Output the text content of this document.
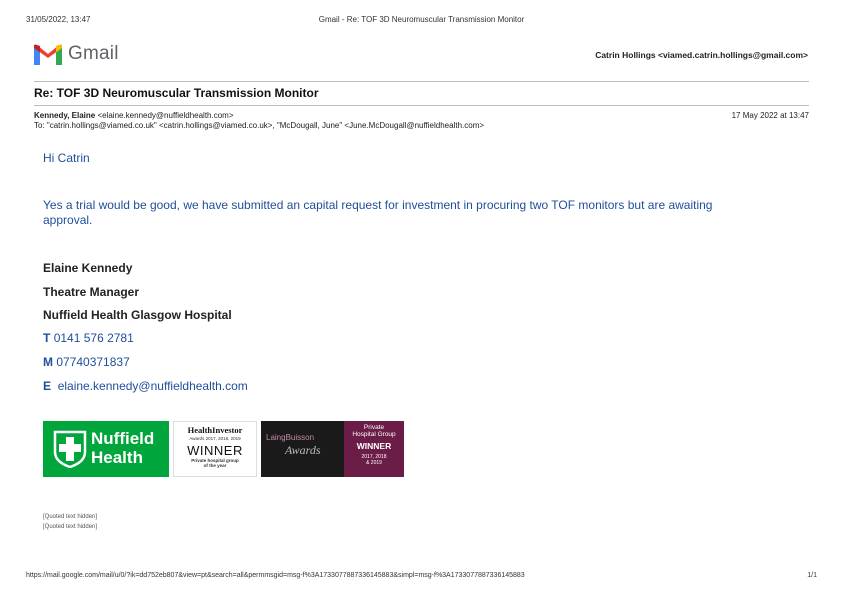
31/05/2022, 13:47	Gmail - Re: TOF 3D Neuromuscular Transmission Monitor
Gmail	Catrin Hollings <viamed.catrin.hollings@gmail.com>
Re: TOF 3D Neuromuscular Transmission Monitor
Kennedy, Elaine <elaine.kennedy@nuffieldhealth.com>	17 May 2022 at 13:47
To: "catrin.hollings@viamed.co.uk" <catrin.hollings@viamed.co.uk>, "McDougall, June" <June.McDougall@nuffieldhealth.com>
Hi Catrin
Yes a trial would be good, we have submitted an capital request for investment in procuring two TOF monitors but are awaiting approval.
Elaine Kennedy
Theatre Manager
Nuffield Health Glasgow Hospital
T 0141 576 2781
M 07740371837
E elaine.kennedy@nuffieldhealth.com
Nuffield
Health
HealthInvestor
Awards 2017, 2018, 2019
WINNER
Private hospital group
of the year
LaingBuisson
Awards
Private
Hospital Group
WINNER
2017, 2018
& 2019
[Quoted text hidden]
[Quoted text hidden]
https://mail.google.com/mail/u/0/?ik=dd752eb807&view=pt&search=all&permmsgid=msg-f%3A1733077887336145883&simpl=msg-f%3A1733077887336145883	1/1
